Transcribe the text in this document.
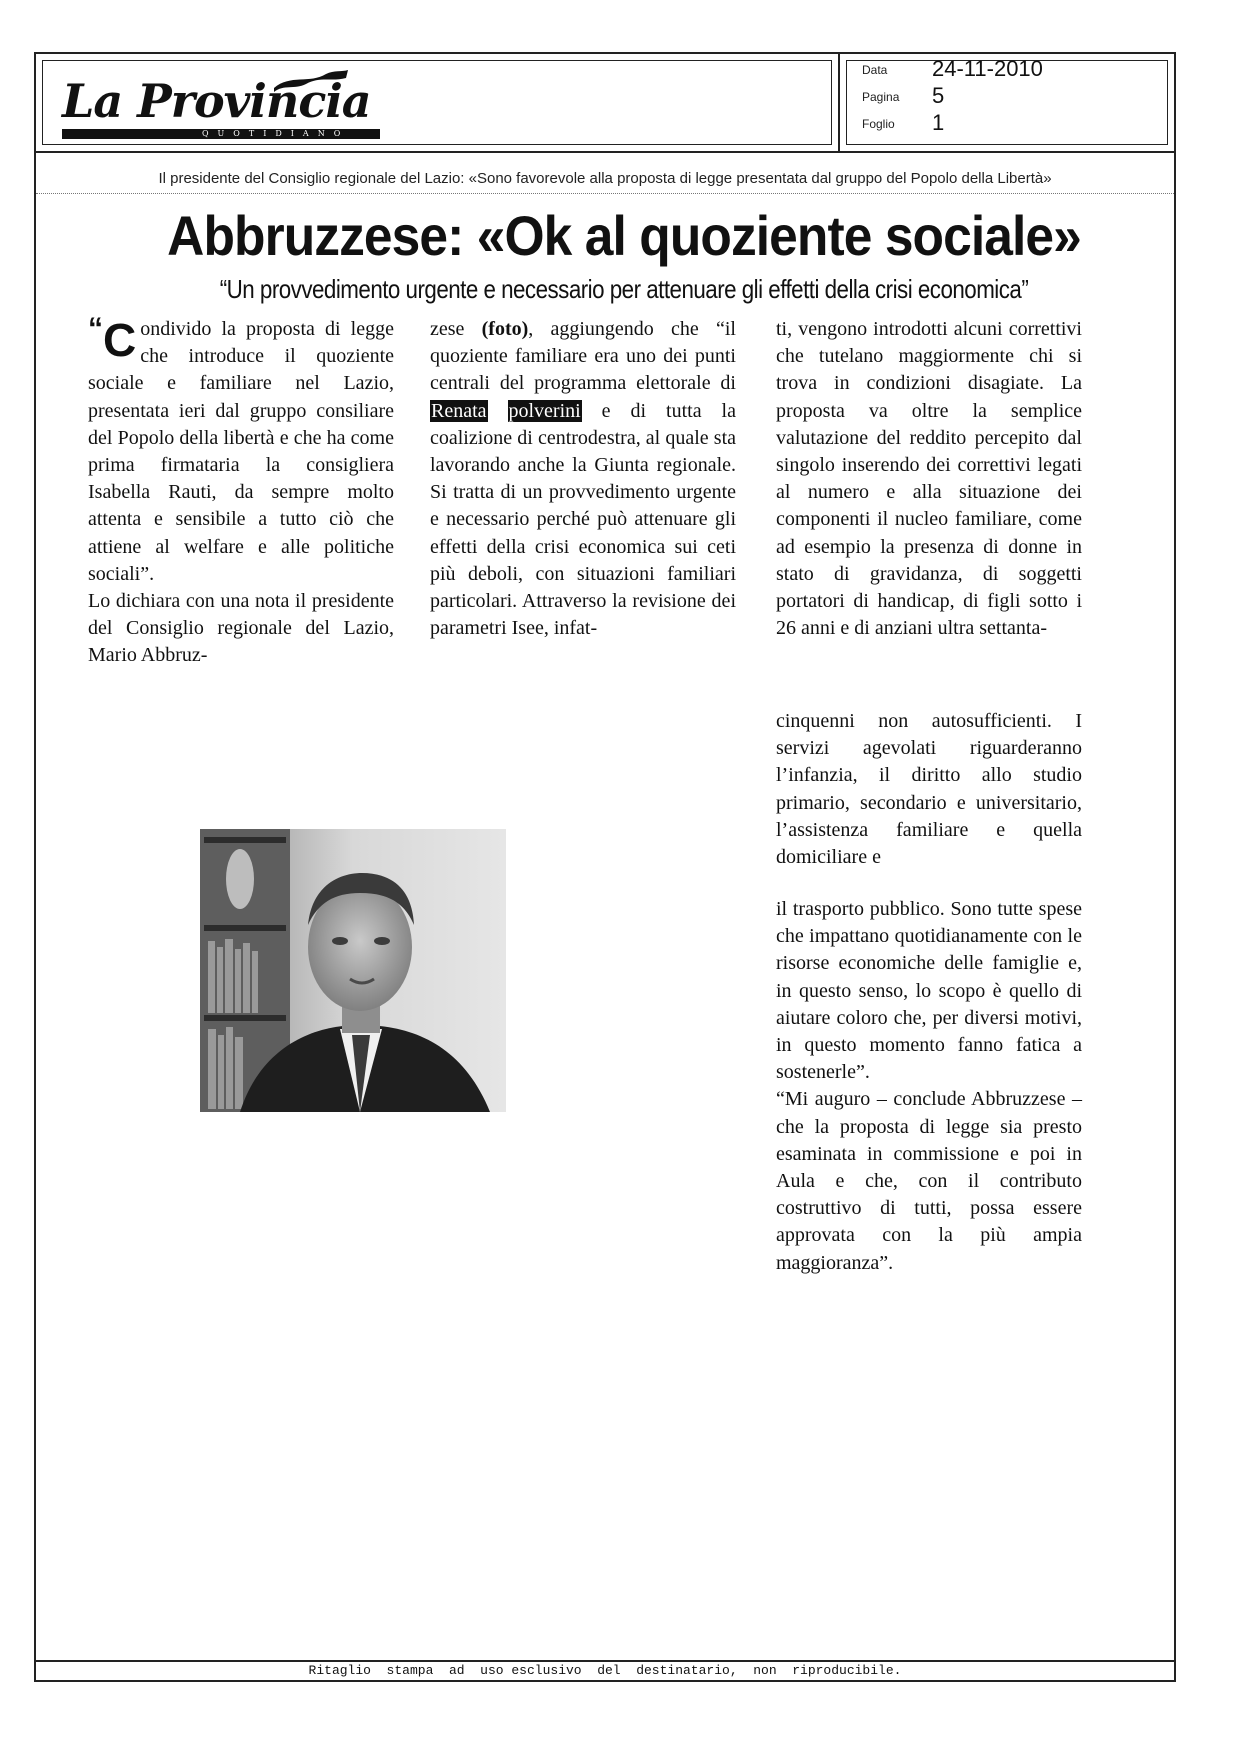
La Provincia
QUOTIDIANO
Data 24-11-2010
Pagina 5
Foglio 1
Il presidente del Consiglio regionale del Lazio: «Sono favorevole alla proposta di legge presentata dal gruppo del Popolo della Libertà»
Abbruzzese: «Ok al quoziente sociale»
“Un provvedimento urgente e necessario per attenuare gli effetti della crisi economica”

“C ondivido la proposta di legge che introduce il quoziente sociale e familiare nel Lazio, presentata ieri dal gruppo consiliare del Popolo della libertà e che ha come prima firmataria la consigliera Isabella Rauti, da sempre molto attenta e sensibile a tutto ciò che attiene al welfare e alle politiche sociali”.

Lo dichiara con una nota il presidente del Consiglio regionale del Lazio, Mario Abbruz-

zese (foto), aggiungendo che “il quoziente familiare era uno dei punti centrali del programma elettorale di Renata polverini e di tutta la coalizione di centrodestra, al quale sta lavorando anche la Giunta regionale. Si tratta di un provvedimento urgente e necessario perché può attenuare gli effetti della crisi economica sui ceti più deboli, con situazioni familiari particolari. Attraverso la revisione dei parametri Isee, infat-

ti, vengono introdotti alcuni correttivi che tutelano maggiormente chi si trova in condizioni disagiate. La proposta va oltre la semplice valutazione del reddito percepito dal singolo inserendo dei correttivi legati al numero e alla situazione dei componenti il nucleo familiare, come ad esempio la presenza di donne in stato di gravidanza, di soggetti portatori di handicap, di figli sotto i 26 anni e di anziani ultra settanta-

cinquenni non autosufficienti. I servizi agevolati riguarderanno l’infanzia, il diritto allo studio primario, secondario e universitario, l’assistenza familiare e quella domiciliare e

il trasporto pubblico. Sono tutte spese che impattano quotidianamente con le risorse economiche delle famiglie e, in questo senso, lo scopo è quello di aiutare coloro che, per diversi motivi, in questo momento fanno fatica a sostenerle”.

“Mi auguro – conclude Abbruzzese – che la proposta di legge sia presto esaminata in commissione e poi in Aula e che, con il contributo costruttivo di tutti, possa essere approvata con la più ampia maggioranza”.

Ritaglio  stampa  ad  uso esclusivo  del  destinatario,  non  riproducibile.
